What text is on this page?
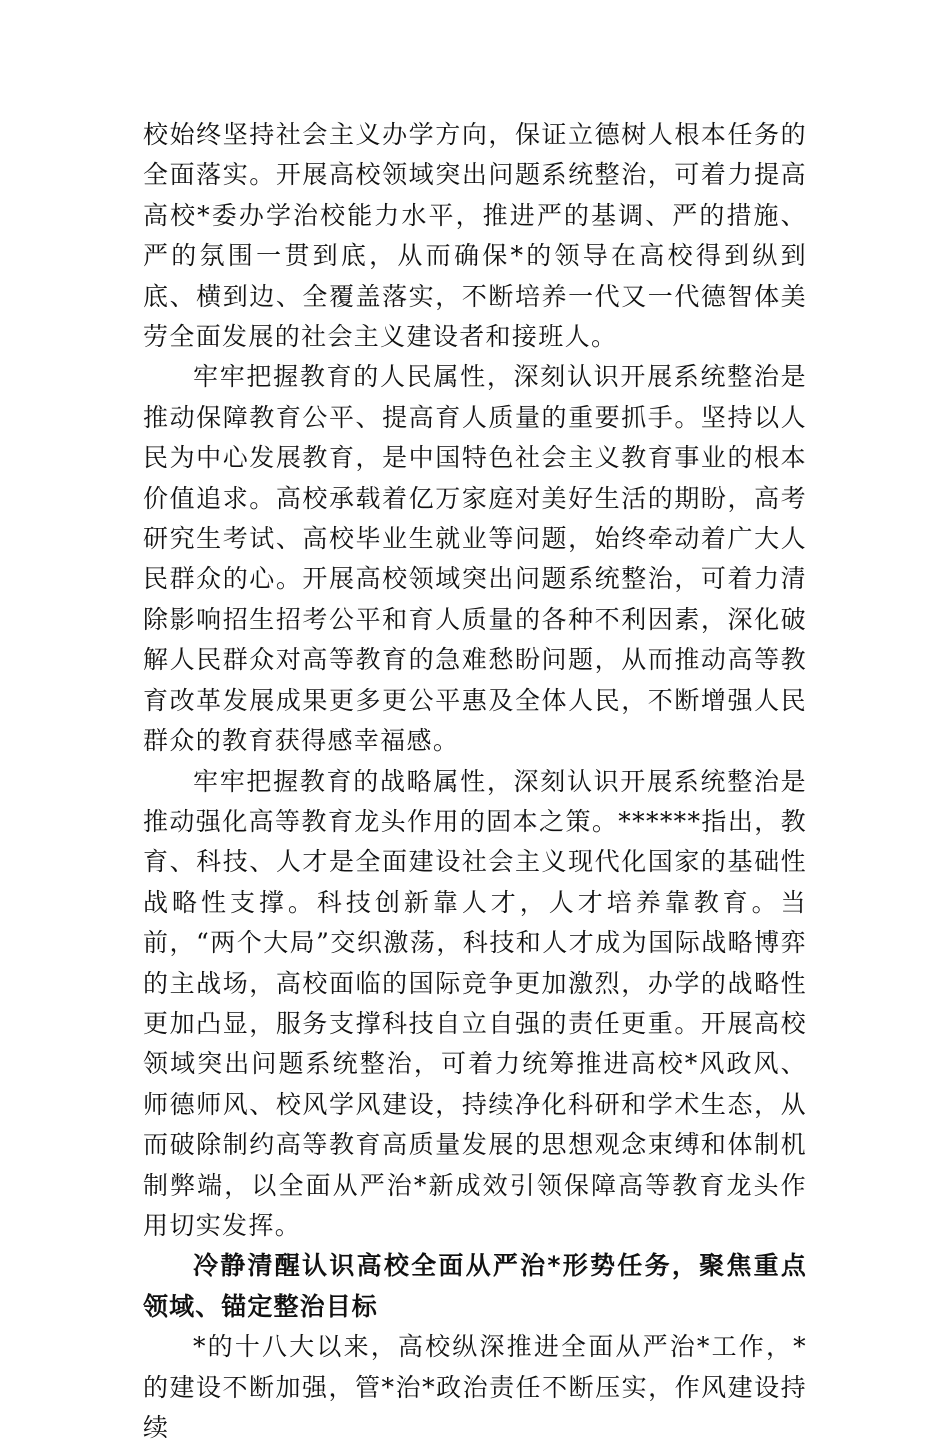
校始终坚持社会主义办学方向，保证立德树人根本任务的全面落实。开展高校领域突出问题系统整治，可着力提高高校*委办学治校能力水平，推进严的基调、严的措施、严的氛围一贯到底，从而确保*的领导在高校得到纵到底、横到边、全覆盖落实，不断培养一代又一代德智体美劳全面发展的社会主义建设者和接班人。

牢牢把握教育的人民属性，深刻认识开展系统整治是推动保障教育公平、提高育人质量的重要抓手。坚持以人民为中心发展教育，是中国特色社会主义教育事业的根本价值追求。高校承载着亿万家庭对美好生活的期盼，高考研究生考试、高校毕业生就业等问题，始终牵动着广大人民群众的心。开展高校领域突出问题系统整治，可着力清除影响招生招考公平和育人质量的各种不利因素，深化破解人民群众对高等教育的急难愁盼问题，从而推动高等教育改革发展成果更多更公平惠及全体人民，不断增强人民群众的教育获得感幸福感。

牢牢把握教育的战略属性，深刻认识开展系统整治是推动强化高等教育龙头作用的固本之策。******指出，教育、科技、人才是全面建设社会主义现代化国家的基础性战略性支撑。科技创新靠人才，人才培养靠教育。当前，“两个大局”交织激荡，科技和人才成为国际战略博弈的主战场，高校面临的国际竞争更加激烈，办学的战略性更加凸显，服务支撑科技自立自强的责任更重。开展高校领域突出问题系统整治，可着力统筹推进高校*风政风、师德师风、校风学风建设，持续净化科研和学术生态，从而破除制约高等教育高质量发展的思想观念束缚和体制机制弊端，以全面从严治*新成效引领保障高等教育龙头作用切实发挥。

冷静清醒认识高校全面从严治*形势任务，聚焦重点领域、锚定整治目标

*的十八大以来，高校纵深推进全面从严治*工作，*的建设不断加强，管*治*政治责任不断压实，作风建设持续
